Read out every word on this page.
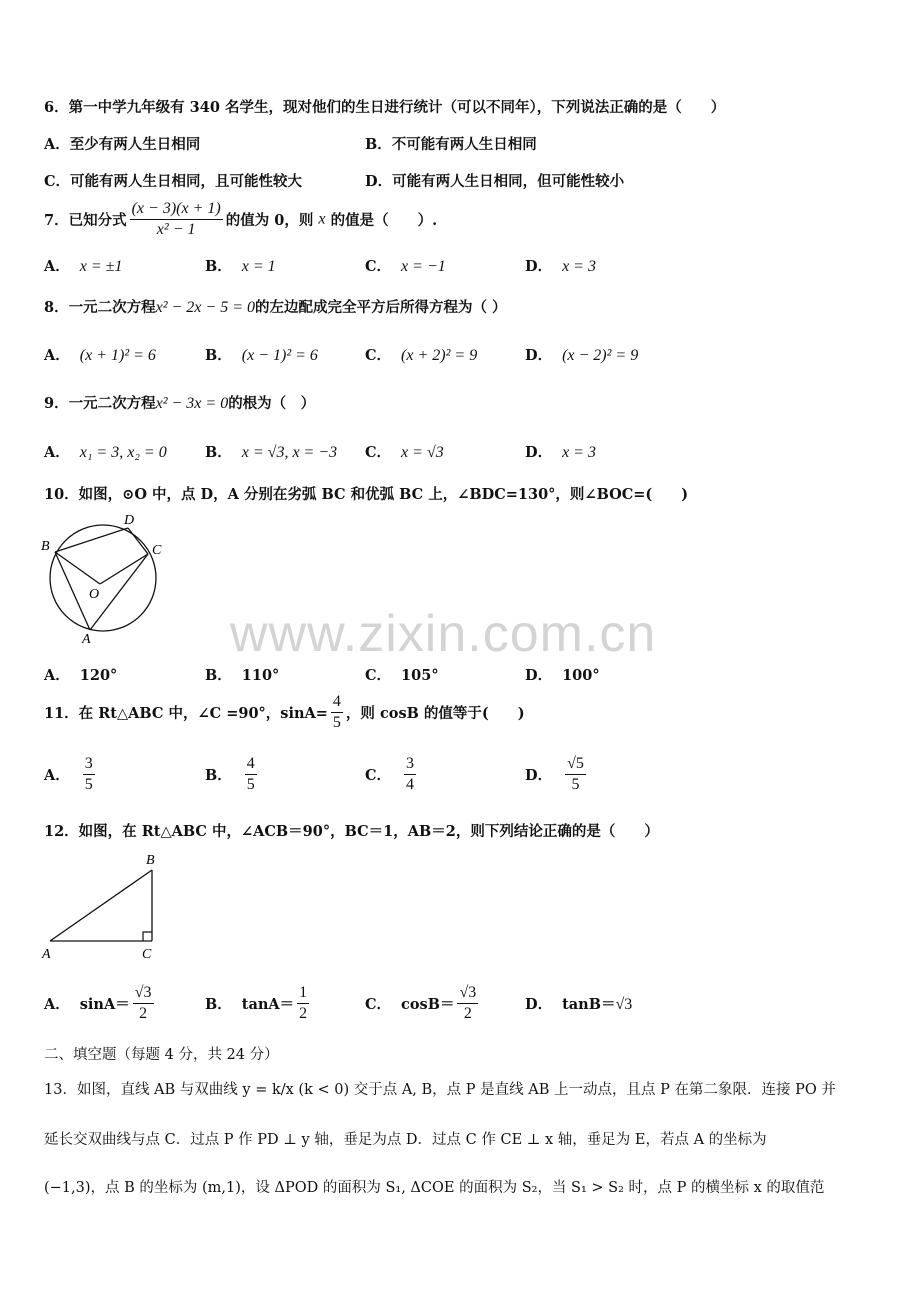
www.zixin.com.cn
6．第一中学九年级有 340 名学生，现对他们的生日进行统计（可以不同年），下列说法正确的是（　　）
A．至少有两人生日相同	B．不可能有两人生日相同
C．可能有两人生日相同，且可能性较大	D．可能有两人生日相同，但可能性较小
7．已知分式 $\frac{(x - 3)(x + 1)}{\text{x² − 1}}$ 的值为 0，则 x 的值是（　　）.
A． x = ±1	B． x = 1	C． x = −1	D． x = 3
8．一元二次方程x² − 2x − 5 = 0的左边配成完全平方后所得方程为（ ）
A． (x + 1)² = 6	B． (x − 1)² = 6	C． (x + 2)² = 9	D． (x − 2)² = 9
9．一元二次方程x² − 3x = 0的根为（　）
A． x₁ = 3, x₂ = 0	B． x = √3, x = −3 C． x = √3	D． x = 3
10．如图，⊙O 中，点 D，A 分别在劣弧 BC 和优弧 BC 上，∠BDC=130°，则∠BOC=(　　)
B
D
C
O
A
A． 120°	B． 110°	C． 105°	D． 100°
11．在 Rt△ABC 中，∠C =90°，$\sin A= \frac{4}{5}$ ，则 cosB 的值等于(　　)
A． $\frac{3}{5}$	B． $\frac{4}{5}$	C． $\frac{3}{4}$	D． $\frac{√5}{5}$
12．如图，在 Rt△ABC 中，∠ACB＝90°，BC＝1，AB＝2，则下列结论正确的是（　　）
B
A	C
A． $\sin A= \frac{√3}{2}$	B． $\tan A= \frac{1}{2}$	C． $\cos B= \frac{√3}{2}$	D． tanB＝√3
二、填空题（每题 4 分，共 24 分）
13．如图，直线 AB 与双曲线 y = k/x (k < 0) 交于点 A, B，点 P 是直线 AB 上一动点，且点 P 在第二象限．连接 PO 并
延长交双曲线与点 C．过点 P 作 PD ⊥ y 轴，垂足为点 D．过点 C 作 CE ⊥ x 轴，垂足为 E，若点 A 的坐标为
(−1,3)，点 B 的坐标为 (m,1)，设 ΔPOD 的面积为 S₁, ΔCOE 的面积为 S₂，当 S₁ > S₂ 时，点 P 的横坐标 x 的取值范
